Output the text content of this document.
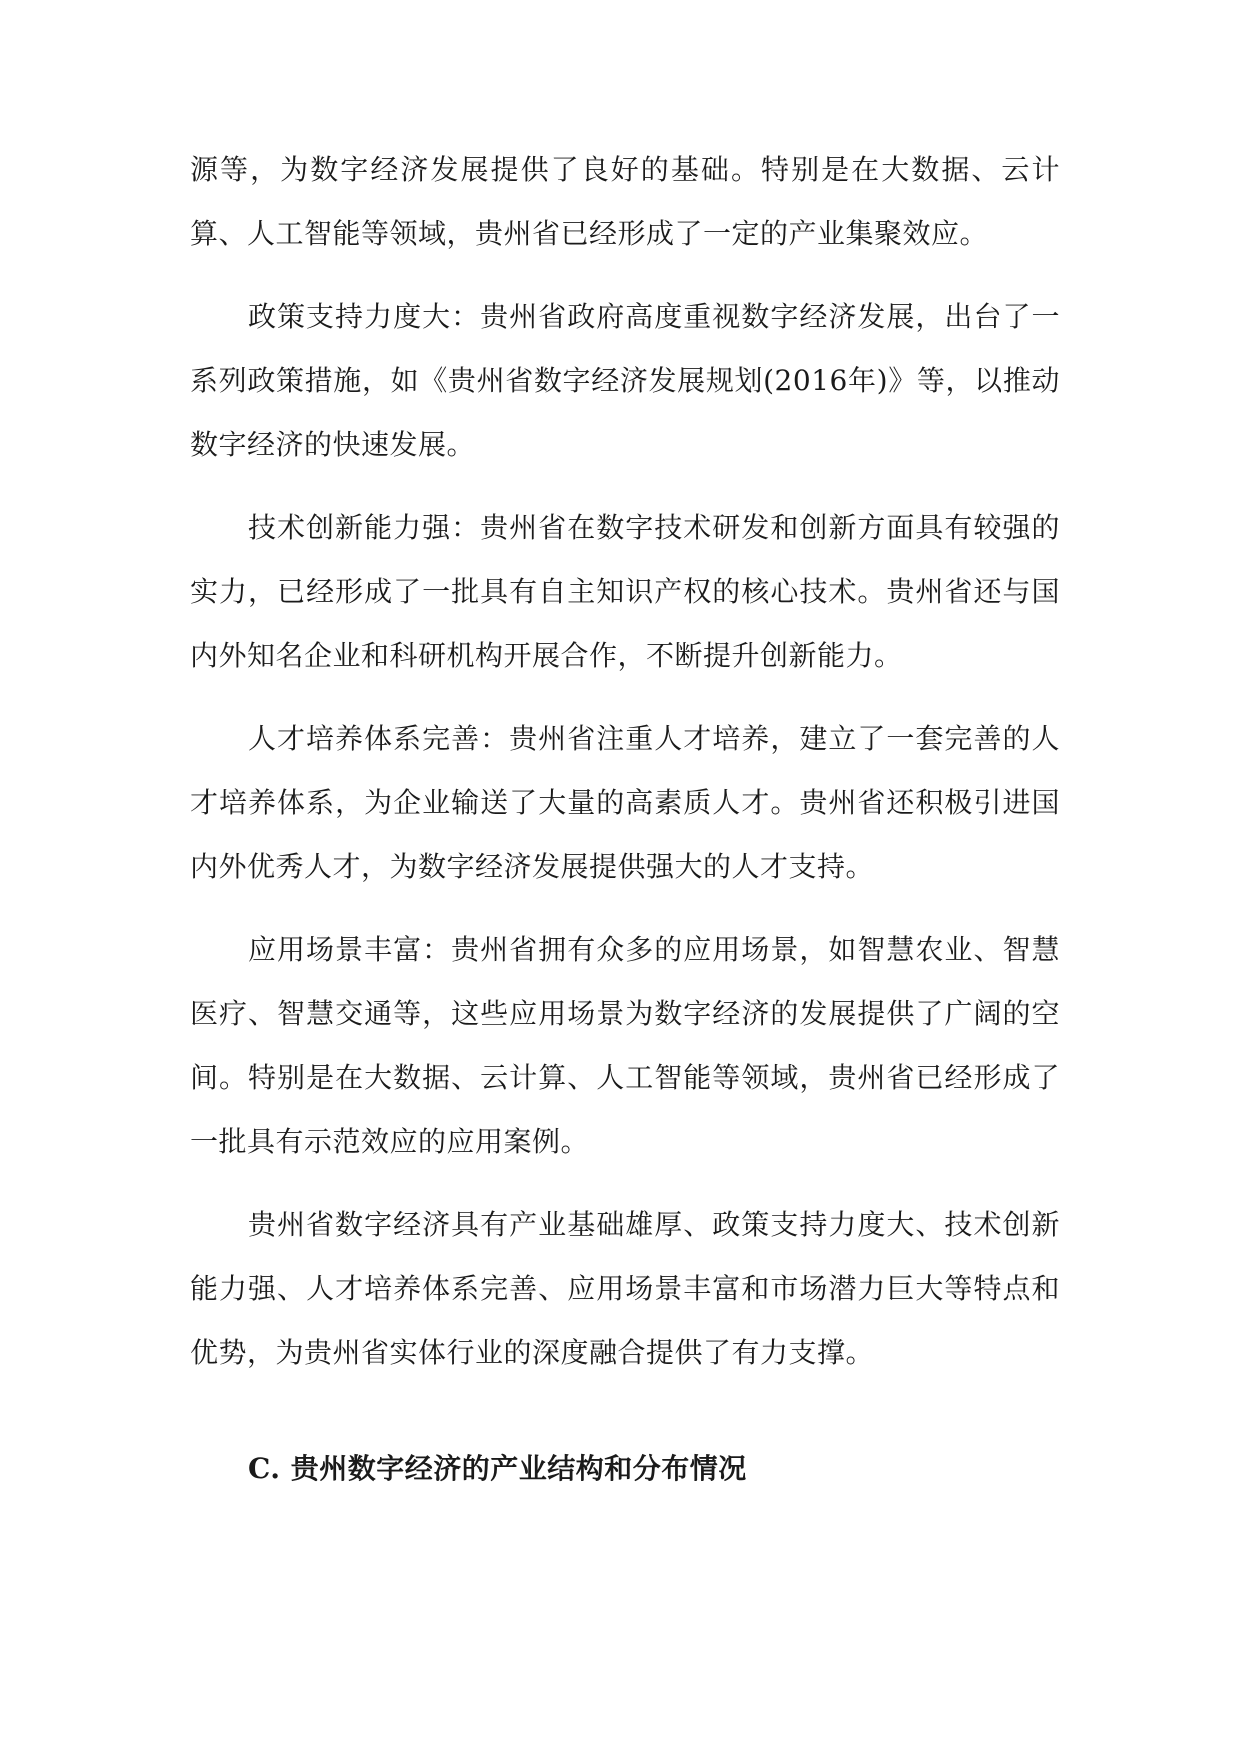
源等，为数字经济发展提供了良好的基础。特别是在大数据、云计算、人工智能等领域，贵州省已经形成了一定的产业集聚效应。

政策支持力度大：贵州省政府高度重视数字经济发展，出台了一系列政策措施，如《贵州省数字经济发展规划(2016年)》等，以推动数字经济的快速发展。

技术创新能力强：贵州省在数字技术研发和创新方面具有较强的实力，已经形成了一批具有自主知识产权的核心技术。贵州省还与国内外知名企业和科研机构开展合作，不断提升创新能力。

人才培养体系完善：贵州省注重人才培养，建立了一套完善的人才培养体系，为企业输送了大量的高素质人才。贵州省还积极引进国内外优秀人才，为数字经济发展提供强大的人才支持。

应用场景丰富：贵州省拥有众多的应用场景，如智慧农业、智慧医疗、智慧交通等，这些应用场景为数字经济的发展提供了广阔的空间。特别是在大数据、云计算、人工智能等领域，贵州省已经形成了一批具有示范效应的应用案例。

贵州省数字经济具有产业基础雄厚、政策支持力度大、技术创新能力强、人才培养体系完善、应用场景丰富和市场潜力巨大等特点和优势，为贵州省实体行业的深度融合提供了有力支撑。

C. 贵州数字经济的产业结构和分布情况
